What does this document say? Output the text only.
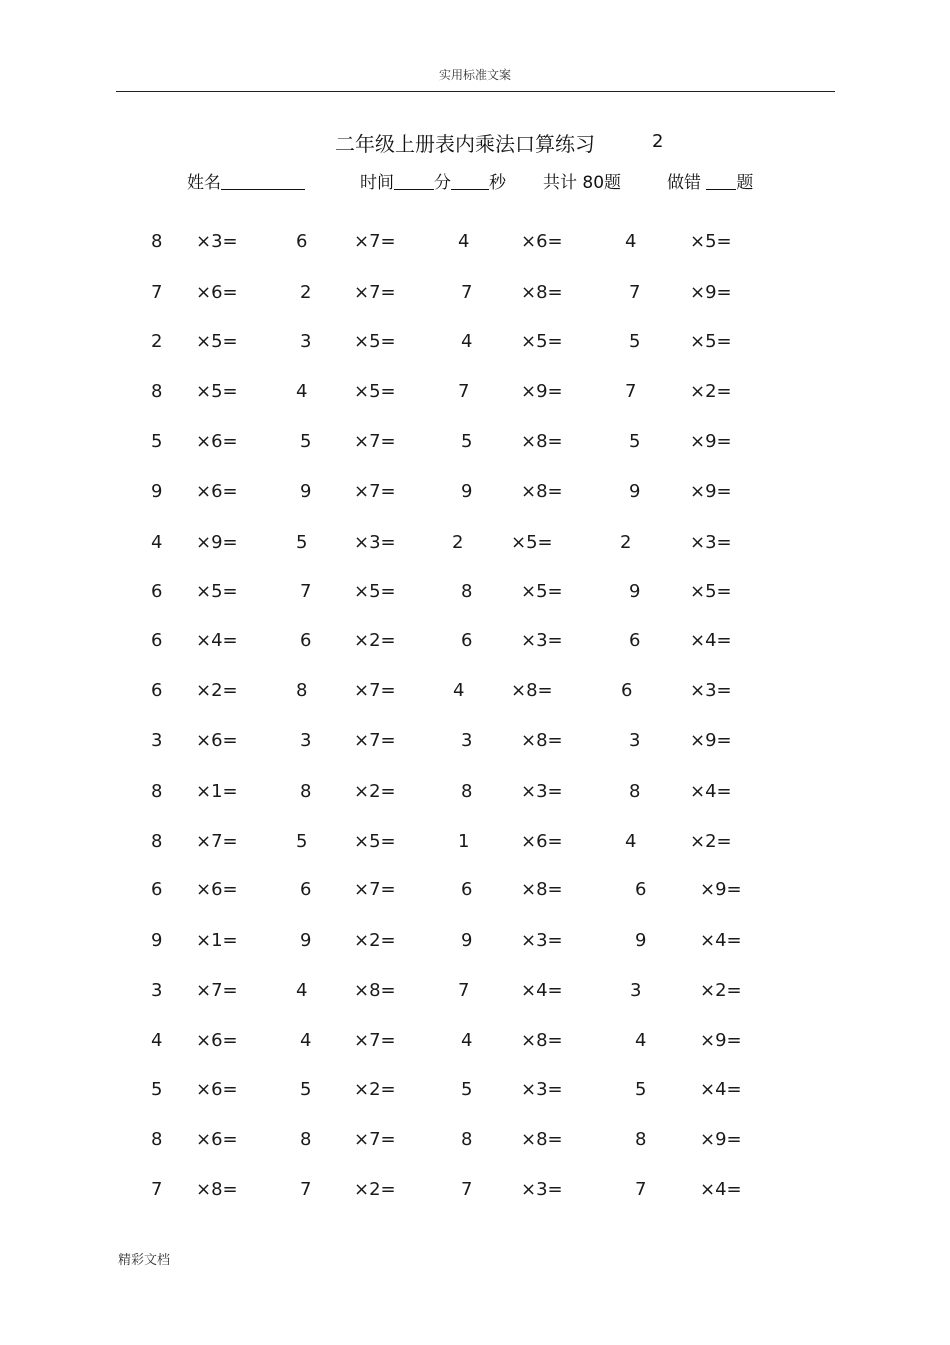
实用标准文案
二年级上册表内乘法口算练习	2
姓名	时间 分 秒 共计 80题	做错 题
8 ×3=	6	×7=	4	×6=	4	×5=
7 ×6=	2 ×7=	7	×8=	7	×9=
2 ×5=	3 ×5=	4	×5=	5	×5=
8 ×5=	4	×5=	7	×9=	7	×2=
5 ×6=	5 ×7=	5	×8=	5	×9=
9 ×6=	9 ×7=	9	×8=	9	×9=
4 ×9=	5	×3=	2	×5=	2	×3=
6 ×5=	7 ×5=	8	×5=	9	×5=
6 ×4=	6 ×2=	6	×3=	6	×4=
6 ×2=	8	×7=	4	×8=	6	×3=
3 ×6=	3 ×7=	3	×8=	3	×9=
8 ×1=	8 ×2=	8	×3=	8	×4=
8 ×7=	5	×5=	1	×6=	4	×2=
6 ×6=	6 ×7=	6	×8=	6	×9=
9 ×1=	9 ×2=	9	×3=	9	×4=
3 ×7=	4	×8=	7	×4=	3	×2=
4 ×6=	4 ×7=	4	×8=	4	×9=
5 ×6=	5 ×2=	5	×3=	5	×4=
8 ×6=	8 ×7=	8	×8=	8	×9=
7 ×8=	7 ×2=	7	×3=	7	×4=
精彩文档
